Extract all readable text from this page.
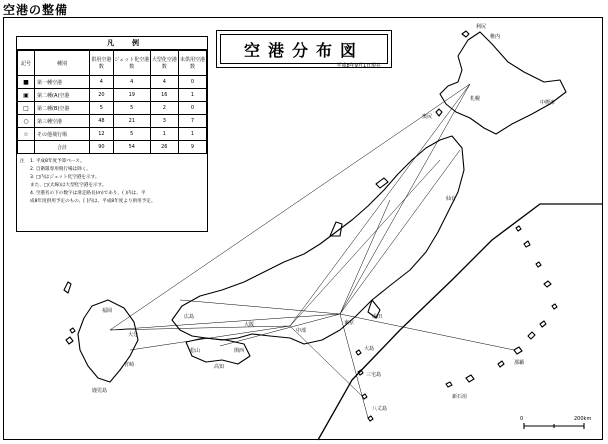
空港の整備
利尻
稚内
中標津
札幌
奥尻
仙台
成田
東京
中部
大阪
関西
広島
松山
高知
福岡
大分
宮崎
鹿児島
大島
三宅島
八丈島
那覇
新石垣
0	200km
空港分布図
平成8年9月1日現在
凡例
記号	種別	供用空港数	ジェット化空港数	大型化空港数	未供用空港数
■	第一種空港	4	4	4	0
▣	第二種(A)空港	20	19	16	1
□	第二種(B)空港	5	5	2	0
○	第三種空港	48	21	3	7
☆	その他飛行場	12	5	1	1
	合計	90	54	26	9
注	1. 平成8年度予算ベース。
2. 自衛隊専用飛行場は除く。
3. □内はジェット化空港を示す。
また、□(太線)は大型化空港を示す。
4. 空港名の下の数字は滑走路長(m)であり、( )内は、平
成8年度供用予定のもの、[ ]内は、平成8年度より供用予定。
